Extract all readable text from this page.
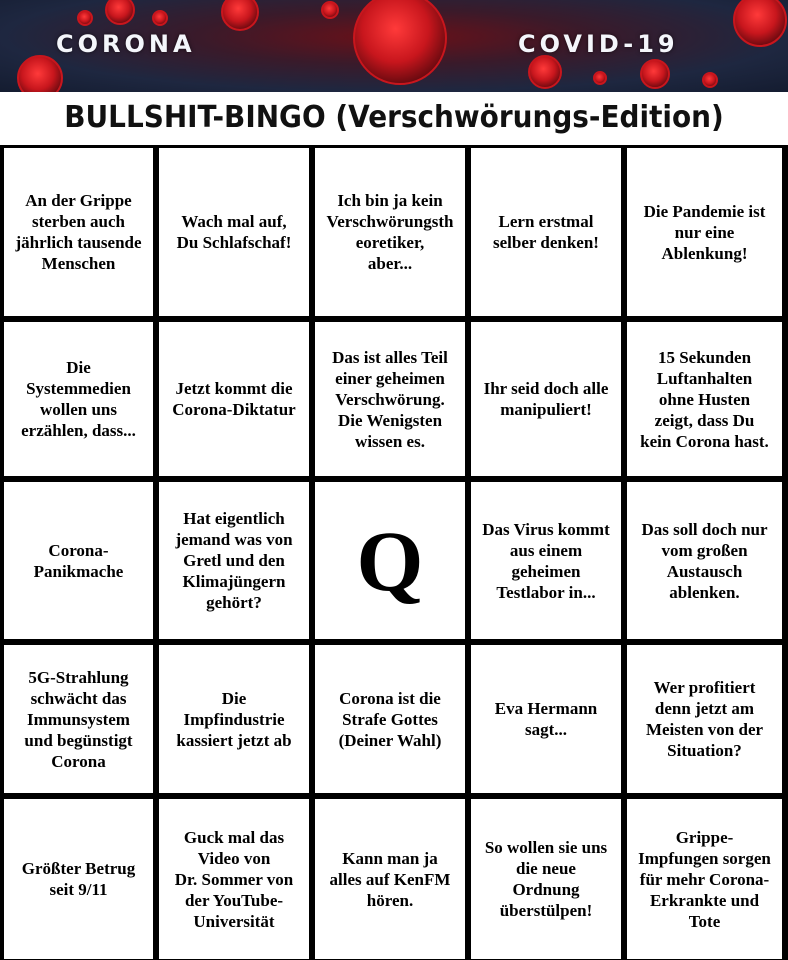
CORONA	COVID-19
BULLSHIT-BINGO (Verschwörungs-Edition)
An der Grippe
sterben auch
jährlich tausende
Menschen
Wach mal auf,
Du Schlafschaf!
Ich bin ja kein
Verschwörungsth
eoretiker,
aber...
Lern erstmal
selber denken!
Die Pandemie ist
nur eine
Ablenkung!
Die
Systemmedien
wollen uns
erzählen, dass...
Jetzt kommt die
Corona-Diktatur
Das ist alles Teil
einer geheimen
Verschwörung.
Die Wenigsten
wissen es.
Ihr seid doch alle
manipuliert!
15 Sekunden
Luftanhalten
ohne Husten
zeigt, dass Du
kein Corona hast.
Corona-
Panikmache
Hat eigentlich
jemand was von
Gretl und den
Klimajüngern
gehört?	Q	Das Virus kommt
aus einem
geheimen
Testlabor in...
Das soll doch nur
vom großen
Austausch
ablenken.
5G-Strahlung
schwächt das
Immunsystem
und begünstigt
Corona
Die
Impfindustrie
kassiert jetzt ab
Corona ist die
Strafe Gottes
(Deiner Wahl)
Eva Hermann
sagt...
Wer profitiert
denn jetzt am
Meisten von der
Situation?
Größter Betrug
seit 9/11
Guck mal das
Video von
Dr. Sommer von
der YouTube-
Universität
Kann man ja
alles auf KenFM
hören.
So wollen sie uns
die neue
Ordnung
überstülpen!
Grippe-
Impfungen sorgen
für mehr Corona-
Erkrankte und
Tote
